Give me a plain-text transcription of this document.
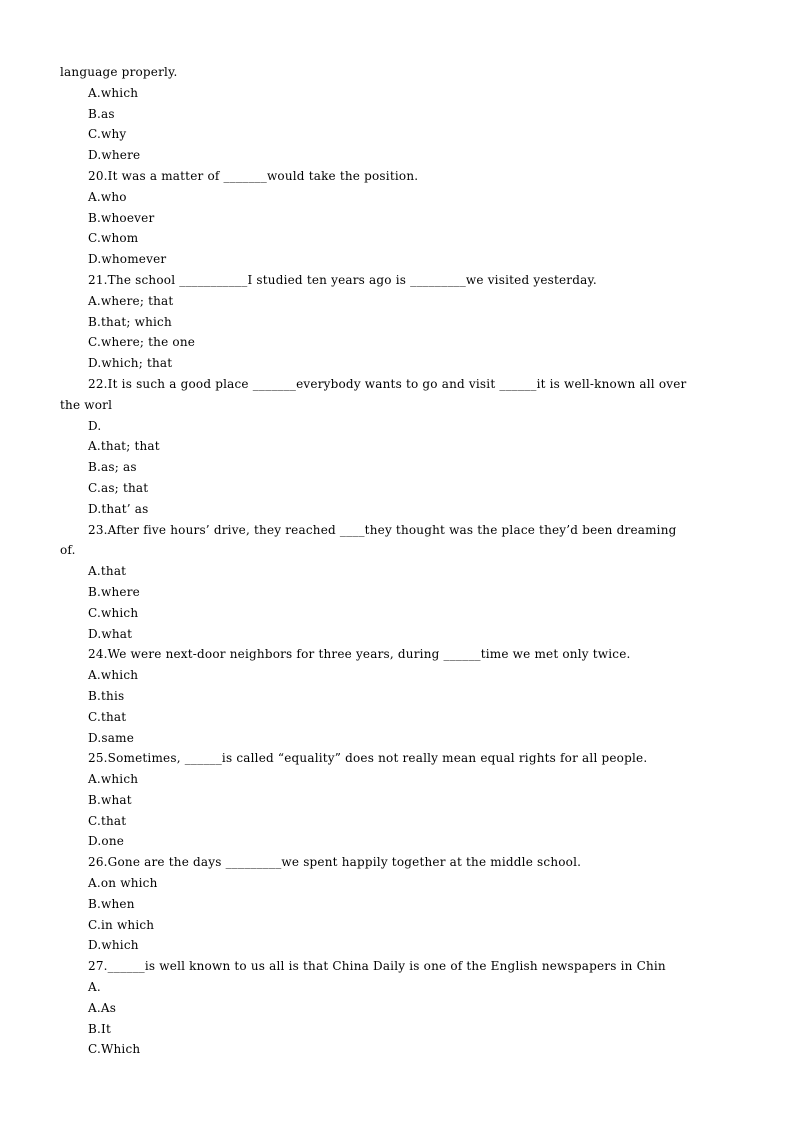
language properly.
A.which
B.as
C.why
D.where
20.It was a matter of _______would take the position.
A.who
B.whoever
C.whom
D.whomever
21.The school ___________I studied ten years ago is _________we visited yesterday.
A.where; that
B.that; which
C.where; the one
D.which; that
22.It is such a good place _______everybody wants to go and visit ______it is well-known all over
the worl
D.
A.that; that
B.as; as
C.as; that
D.that’ as
23.After five hours’ drive, they reached ____they thought was the place they’d been dreaming
of.
A.that
B.where
C.which
D.what
24.We were next-door neighbors for three years, during ______time we met only twice.
A.which
B.this
C.that
D.same
25.Sometimes, ______is called “equality” does not really mean equal rights for all people.
A.which
B.what
C.that
D.one
26.Gone are the days _________we spent happily together at the middle school.
A.on which
B.when
C.in which
D.which
27.______is well known to us all is that China Daily is one of the English newspapers in Chin
A.
A.As
B.It
C.Which
